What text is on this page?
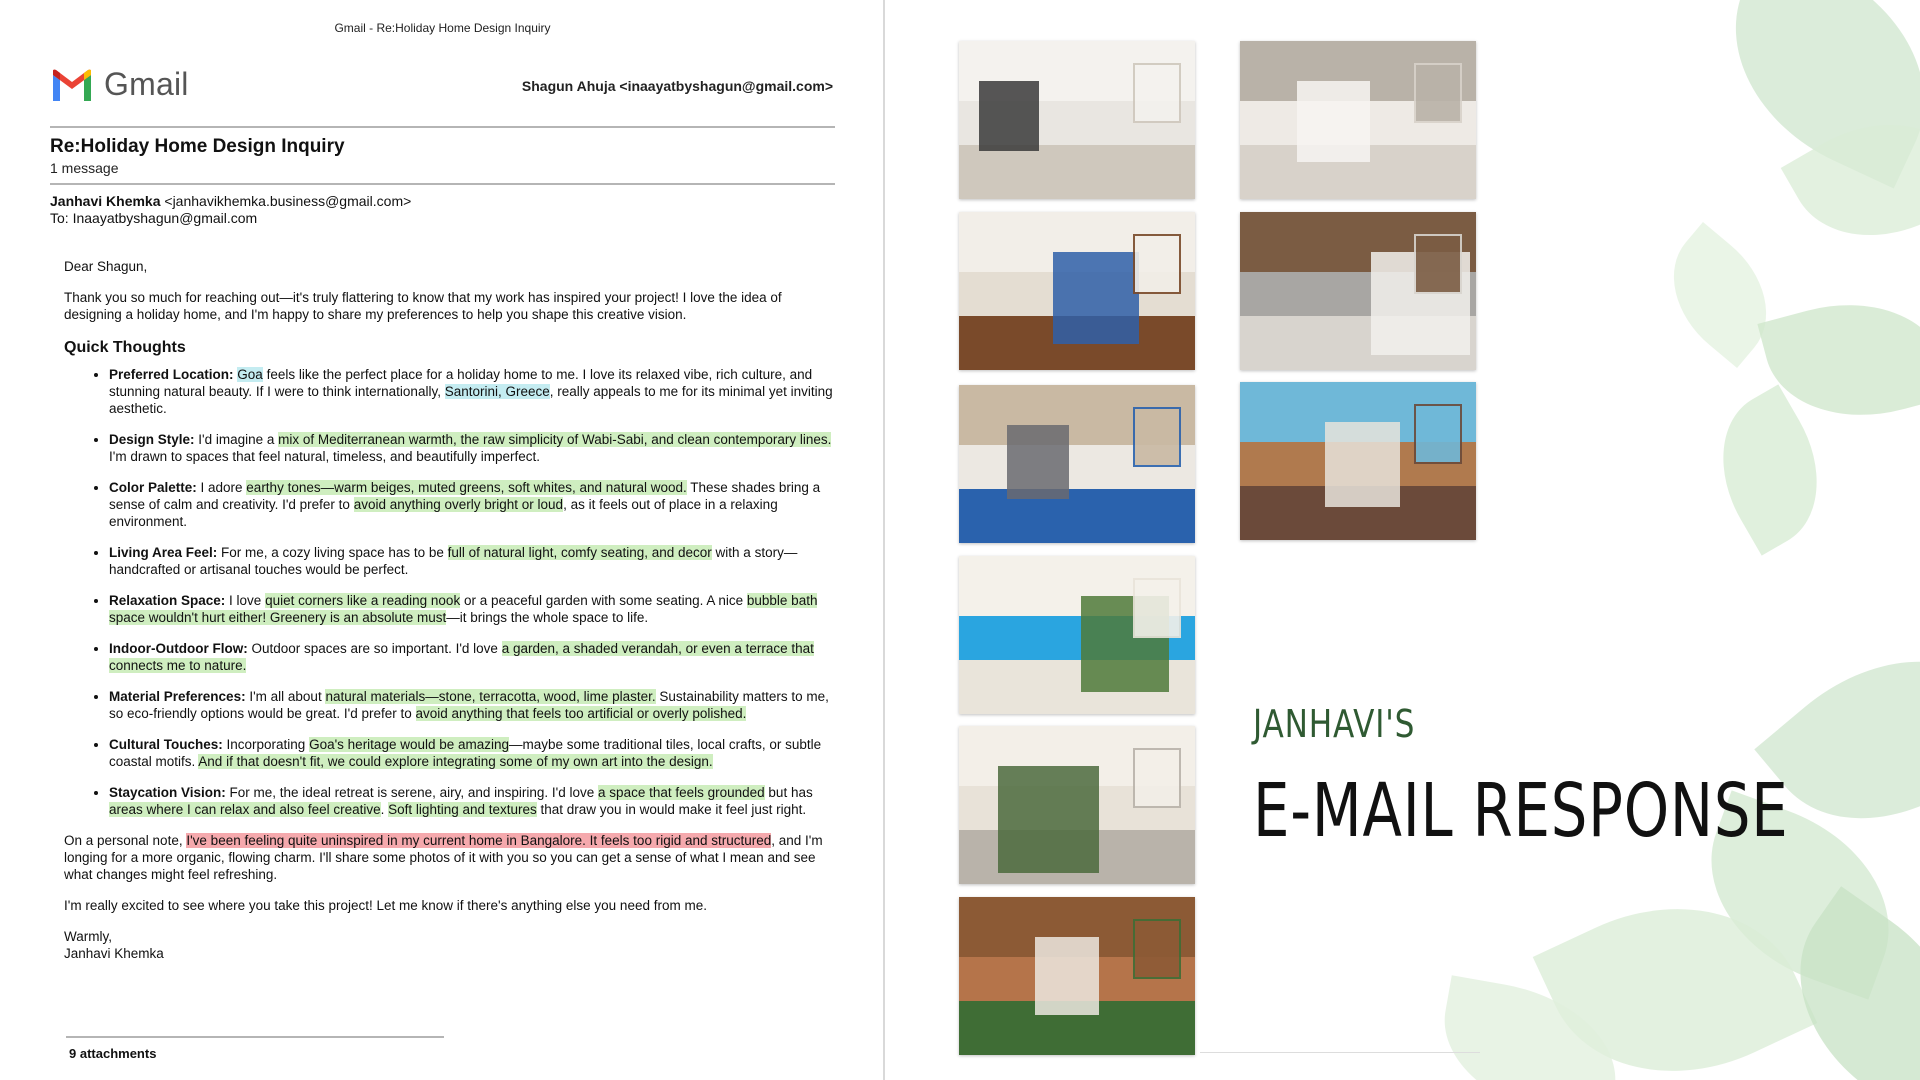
Gmail - Re:Holiday Home Design Inquiry
Gmail	Shagun Ahuja <inaayatbyshagun@gmail.com>
Re:Holiday Home Design Inquiry
1 message
Janhavi Khemka <janhavikhemka.business@gmail.com>
To: Inaayatbyshagun@gmail.com

Dear Shagun,

Thank you so much for reaching out—it's truly flattering to know that my work has inspired your project! I love the idea of designing a holiday home, and I'm happy to share my preferences to help you shape this creative vision.

Quick Thoughts
• Preferred Location: Goa feels like the perfect place for a holiday home to me. I love its relaxed vibe, rich culture, and stunning natural beauty. If I were to think internationally, Santorini, Greece, really appeals to me for its minimal yet inviting aesthetic.
• Design Style: I'd imagine a mix of Mediterranean warmth, the raw simplicity of Wabi-Sabi, and clean contemporary lines. I'm drawn to spaces that feel natural, timeless, and beautifully imperfect.
• Color Palette: I adore earthy tones—warm beiges, muted greens, soft whites, and natural wood. These shades bring a sense of calm and creativity. I'd prefer to avoid anything overly bright or loud, as it feels out of place in a relaxing environment.
• Living Area Feel: For me, a cozy living space has to be full of natural light, comfy seating, and decor with a story—handcrafted or artisanal touches would be perfect.
• Relaxation Space: I love quiet corners like a reading nook or a peaceful garden with some seating. A nice bubble bath space wouldn't hurt either! Greenery is an absolute must—it brings the whole space to life.
• Indoor-Outdoor Flow: Outdoor spaces are so important. I'd love a garden, a shaded verandah, or even a terrace that connects me to nature.
• Material Preferences: I'm all about natural materials—stone, terracotta, wood, lime plaster. Sustainability matters to me, so eco-friendly options would be great. I'd prefer to avoid anything that feels too artificial or overly polished.
• Cultural Touches: Incorporating Goa's heritage would be amazing—maybe some traditional tiles, local crafts, or subtle coastal motifs. And if that doesn't fit, we could explore integrating some of my own art into the design.
• Staycation Vision: For me, the ideal retreat is serene, airy, and inspiring. I'd love a space that feels grounded but has areas where I can relax and also feel creative. Soft lighting and textures that draw you in would make it feel just right.

On a personal note, I've been feeling quite uninspired in my current home in Bangalore. It feels too rigid and structured, and I'm longing for a more organic, flowing charm. I'll share some photos of it with you so you can get a sense of what I mean and see what changes might feel refreshing.

I'm really excited to see where you take this project! Let me know if there's anything else you need from me.

Warmly,

Janhavi Khemka

9 attachments
JANHAVI'S
E-MAIL RESPONSE
